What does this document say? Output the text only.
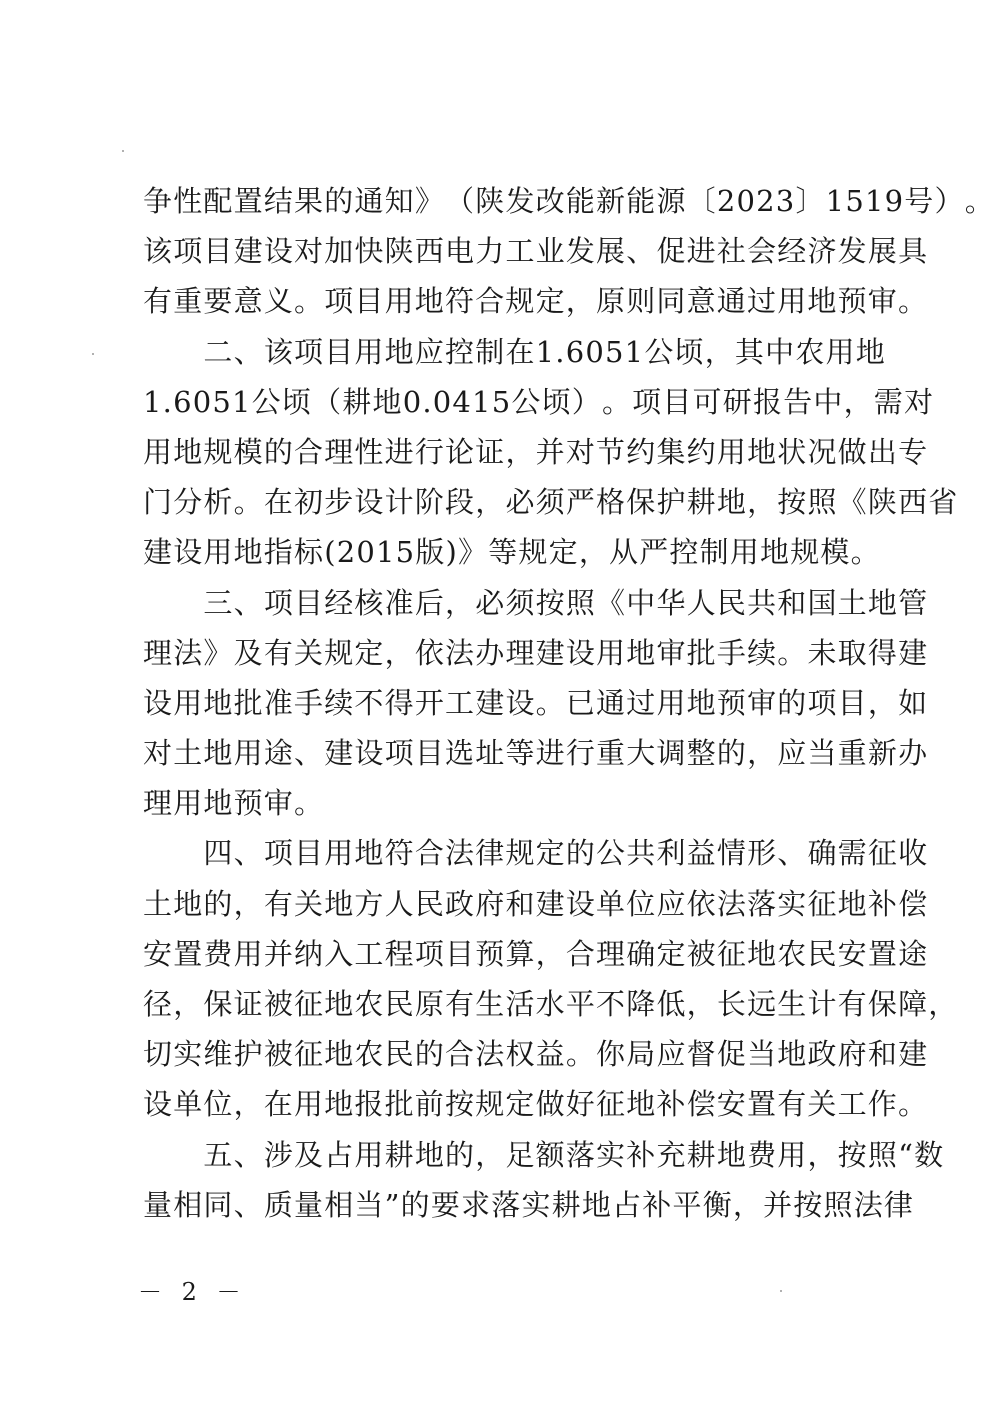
争 性 配 置 结 果 的 通 知 》 （ 陕 发 改 能 新 能 源 〔 2023 〕 1519 号 ） 。
该 项 目 建 设 对 加 快 陕 西 电 力 工 业 发 展 、 促 进 社 会 经 济 发 展 具
有重要意义。项目用地符合规定，原则同意通过用地预审。

二 、 该 项 目 用 地 应 控 制 在 1.6051 公 顷 ， 其 中 农 用 地
1.6051 公 顷 （ 耕 地 0.0415 公 顷 ） 。 项 目 可 研 报 告 中 ， 需 对
用 地 规 模 的 合 理 性 进 行 论 证 ， 并 对 节 约 集 约 用 地 状 况 做 出 专
门 分 析 。 在 初 步 设 计 阶 段 ， 必 须 严 格 保 护 耕 地 ， 按 照 《 陕 西 省
建设用地指标(2015版)》等规定，从严控制用地规模。

三 、 项 目 经 核 准 后 ， 必 须 按 照 《 中 华 人 民 共 和 国 土 地 管
理 法 》 及 有 关 规 定 ， 依 法 办 理 建 设 用 地 审 批 手 续 。 未 取 得 建
设 用 地 批 准 手 续 不 得 开 工 建 设 。 已 通 过 用 地 预 审 的 项 目 ， 如
对 土 地 用 途 、 建 设 项 目 选 址 等 进 行 重 大 调 整 的 ， 应 当 重 新 办
理用地预审。

四 、 项 目 用 地 符 合 法 律 规 定 的 公 共 利 益 情 形 、 确 需 征 收
土 地 的 ， 有 关 地 方 人 民 政 府 和 建 设 单 位 应 依 法 落 实 征 地 补 偿
安 置 费 用 并 纳 入 工 程 项 目 预 算 ， 合 理 确 定 被 征 地 农 民 安 置 途
径 ， 保 证 被 征 地 农 民 原 有 生 活 水 平 不 降 低 ， 长 远 生 计 有 保 障 ，
切 实 维 护 被 征 地 农 民 的 合 法 权 益 。 你 局 应 督 促 当 地 政 府 和 建
设单位，在用地报批前按规定做好征地补偿安置有关工作。

五 、 涉 及 占 用 耕 地 的 ， 足 额 落 实 补 充 耕 地 费 用 ， 按 照 “ 数
量 相 同 、 质 量 相 当 ” 的 要 求 落 实 耕 地 占 补 平 衡 ， 并 按 照 法 律
－ 2 －
